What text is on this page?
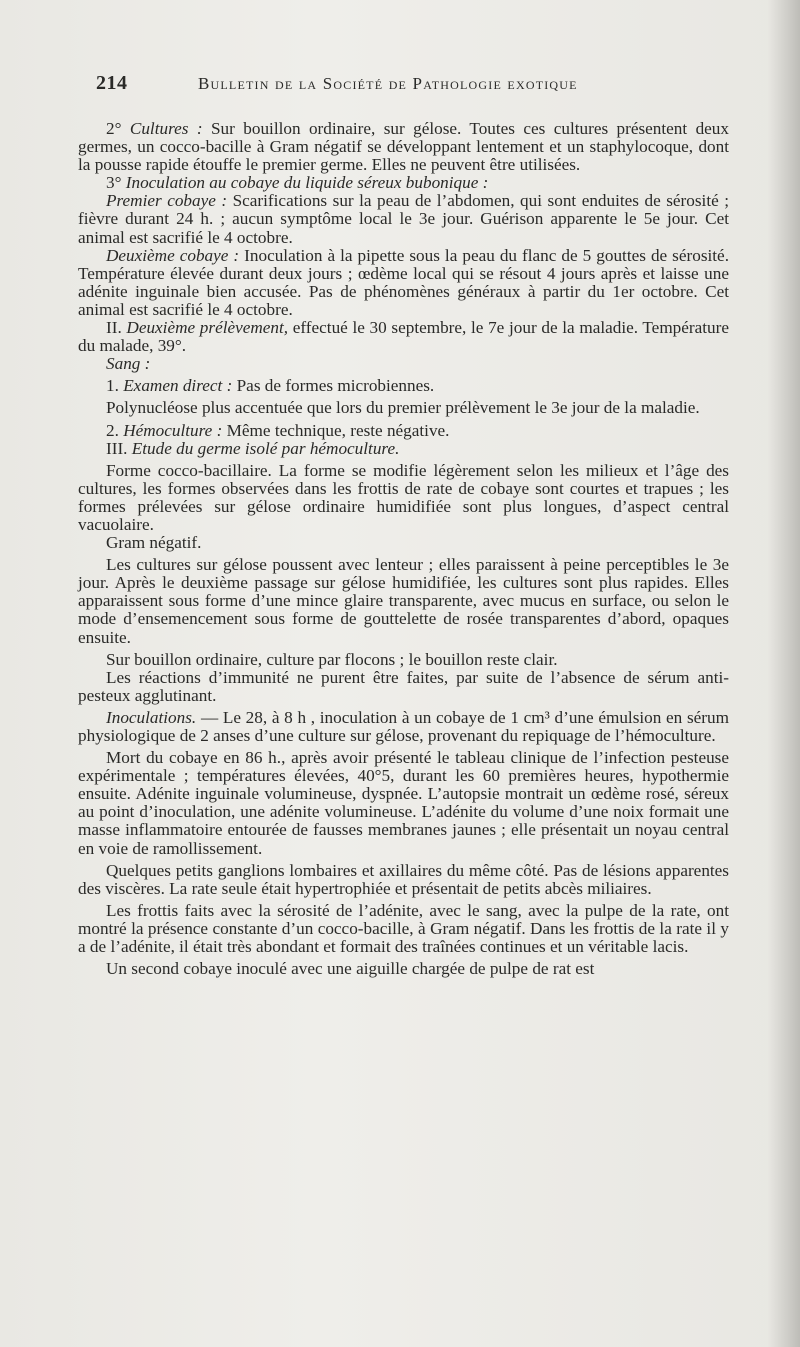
214	Bulletin de la Société de Pathologie exotique

2° Cultures : Sur bouillon ordinaire, sur gélose. Toutes ces cultures présentent deux germes, un cocco-bacille à Gram négatif se développant lentement et un staphylocoque, dont la pousse rapide étouffe le premier germe. Elles ne peuvent être utilisées.

3° Inoculation au cobaye du liquide séreux bubonique :

Premier cobaye : Scarifications sur la peau de l’abdomen, qui sont enduites de sérosité ; fièvre durant 24 h. ; aucun symptôme local le 3e jour. Guérison apparente le 5e jour. Cet animal est sacrifié le 4 octobre.

Deuxième cobaye : Inoculation à la pipette sous la peau du flanc de 5 gouttes de sérosité. Température élevée durant deux jours ; œdème local qui se résout 4 jours après et laisse une adénite inguinale bien accusée. Pas de phénomènes généraux à partir du 1er octobre. Cet animal est sacrifié le 4 octobre.

II. Deuxième prélèvement, effectué le 30 septembre, le 7e jour de la maladie. Température du malade, 39°.

Sang :

1. Examen direct : Pas de formes microbiennes.

Polynucléose plus accentuée que lors du premier prélèvement le 3e jour de la maladie.

2. Hémoculture : Même technique, reste négative.

III. Etude du germe isolé par hémoculture.

Forme cocco-bacillaire. La forme se modifie légèrement selon les milieux et l’âge des cultures, les formes observées dans les frottis de rate de cobaye sont courtes et trapues ; les formes prélevées sur gélose ordinaire humidifiée sont plus longues, d’aspect central vacuolaire.

Gram négatif.

Les cultures sur gélose poussent avec lenteur ; elles paraissent à peine perceptibles le 3e jour. Après le deuxième passage sur gélose humidifiée, les cultures sont plus rapides. Elles apparaissent sous forme d’une mince glaire transparente, avec mucus en surface, ou selon le mode d’ensemencement sous forme de gouttelette de rosée transparentes d’abord, opaques ensuite.

Sur bouillon ordinaire, culture par flocons ; le bouillon reste clair.

Les réactions d’immunité ne purent être faites, par suite de l’absence de sérum anti-pesteux agglutinant.

Inoculations. — Le 28, à 8 h , inoculation à un cobaye de 1 cm³ d’une émulsion en sérum physiologique de 2 anses d’une culture sur gélose, provenant du repiquage de l’hémoculture.

Mort du cobaye en 86 h., après avoir présenté le tableau clinique de l’infection pesteuse expérimentale ; températures élevées, 40°5, durant les 60 premières heures, hypothermie ensuite. Adénite inguinale volumineuse, dyspnée. L’autopsie montrait un œdème rosé, séreux au point d’inoculation, une adénite volumineuse. L’adénite du volume d’une noix formait une masse inflammatoire entourée de fausses membranes jaunes ; elle présentait un noyau central en voie de ramollissement.

Quelques petits ganglions lombaires et axillaires du même côté. Pas de lésions apparentes des viscères. La rate seule était hypertrophiée et présentait de petits abcès miliaires.

Les frottis faits avec la sérosité de l’adénite, avec le sang, avec la pulpe de la rate, ont montré la présence constante d’un cocco-bacille, à Gram négatif. Dans les frottis de la rate il y a de l’adénite, il était très abondant et formait des traînées continues et un véritable lacis.

Un second cobaye inoculé avec une aiguille chargée de pulpe de rat est
